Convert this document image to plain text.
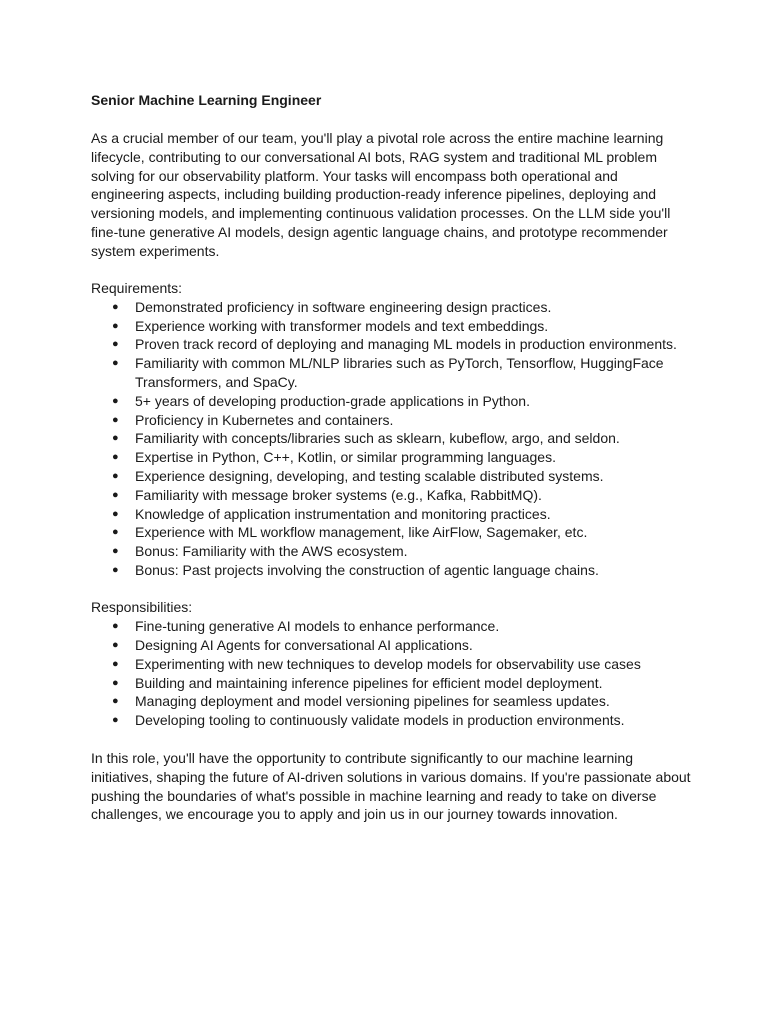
Senior Machine Learning Engineer

As a crucial member of our team, you'll play a pivotal role across the entire machine learning lifecycle, contributing to our conversational AI bots, RAG system and traditional ML problem solving for our observability platform. Your tasks will encompass both operational and engineering aspects, including building production-ready inference pipelines, deploying and versioning models, and implementing continuous validation processes. On the LLM side you'll fine-tune generative AI models, design agentic language chains, and prototype recommender system experiments.

Requirements:

● Demonstrated proficiency in software engineering design practices.
● Experience working with transformer models and text embeddings.
● Proven track record of deploying and managing ML models in production environments.
● Familiarity with common ML/NLP libraries such as PyTorch, Tensorflow, HuggingFace Transformers, and SpaCy.
● 5+ years of developing production-grade applications in Python.
● Proficiency in Kubernetes and containers.
● Familiarity with concepts/libraries such as sklearn, kubeflow, argo, and seldon.
● Expertise in Python, C++, Kotlin, or similar programming languages.
● Experience designing, developing, and testing scalable distributed systems.
● Familiarity with message broker systems (e.g., Kafka, RabbitMQ).
● Knowledge of application instrumentation and monitoring practices.
● Experience with ML workflow management, like AirFlow, Sagemaker, etc.
● Bonus: Familiarity with the AWS ecosystem.
● Bonus: Past projects involving the construction of agentic language chains.

Responsibilities:

● Fine-tuning generative AI models to enhance performance.
● Designing AI Agents for conversational AI applications.
● Experimenting with new techniques to develop models for observability use cases
● Building and maintaining inference pipelines for efficient model deployment.
● Managing deployment and model versioning pipelines for seamless updates.
● Developing tooling to continuously validate models in production environments.

In this role, you'll have the opportunity to contribute significantly to our machine learning initiatives, shaping the future of AI-driven solutions in various domains. If you're passionate about pushing the boundaries of what's possible in machine learning and ready to take on diverse challenges, we encourage you to apply and join us in our journey towards innovation.
